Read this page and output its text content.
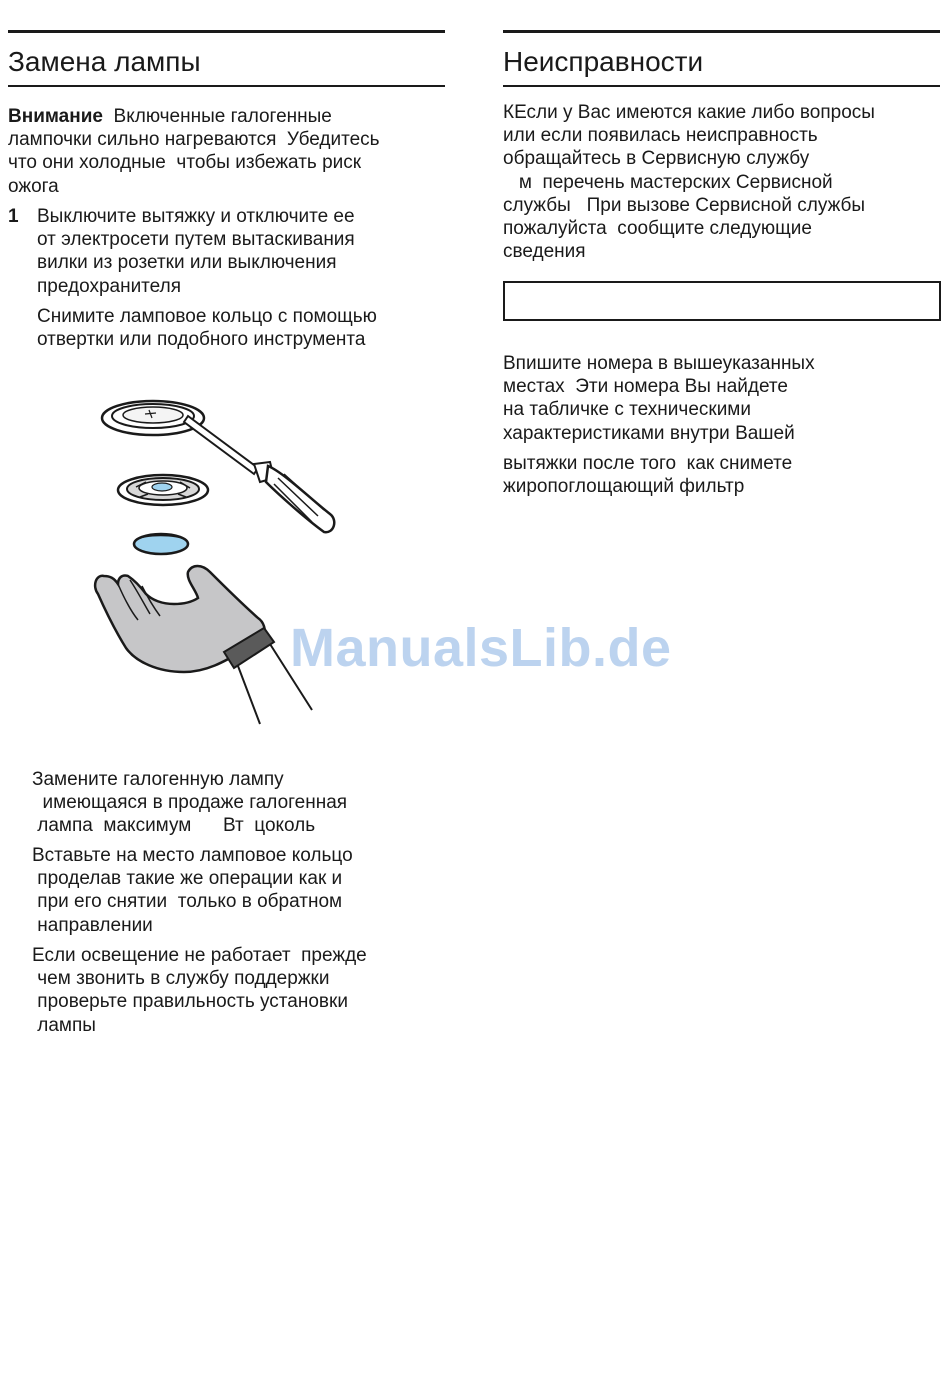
Замена лампы
Внимание  Включенные галогенные
лампочки сильно нагреваются  Убедитесь
что они холодные  чтобы избежать риск
ожога
1 Выключите вытяжку и отключите ее
от электросети путем вытаскивания
вилки из розетки или выключения
предохранителя
Снимите ламповое кольцо с помощью
отвертки или подобного инструмента
ManualsLib.de
Замените галогенную лампу
имеющаяся в продаже галогенная
лампа  максимум      Вт  цоколь
Вставьте на место ламповое кольцо
проделав такие же операции как и
при его снятии  только в обратном
направлении
Если освещение не работает  прежде
чем звонить в службу поддержки
проверьте правильность установки
лампы
Неисправности
КЕсли у Вас имеются какие либо вопросы
или если появилась неисправность
обращайтесь в Сервисную службу
м  перечень мастерских Сервисной
службы   При вызове Сервисной службы
пожалуйста  сообщите следующие
сведения
Впишите номера в вышеуказанных
местах  Эти номера Вы найдете
на табличке с техническими
характеристиками внутри Вашей
вытяжки после того  как снимете
жиропоглощающий фильтр
